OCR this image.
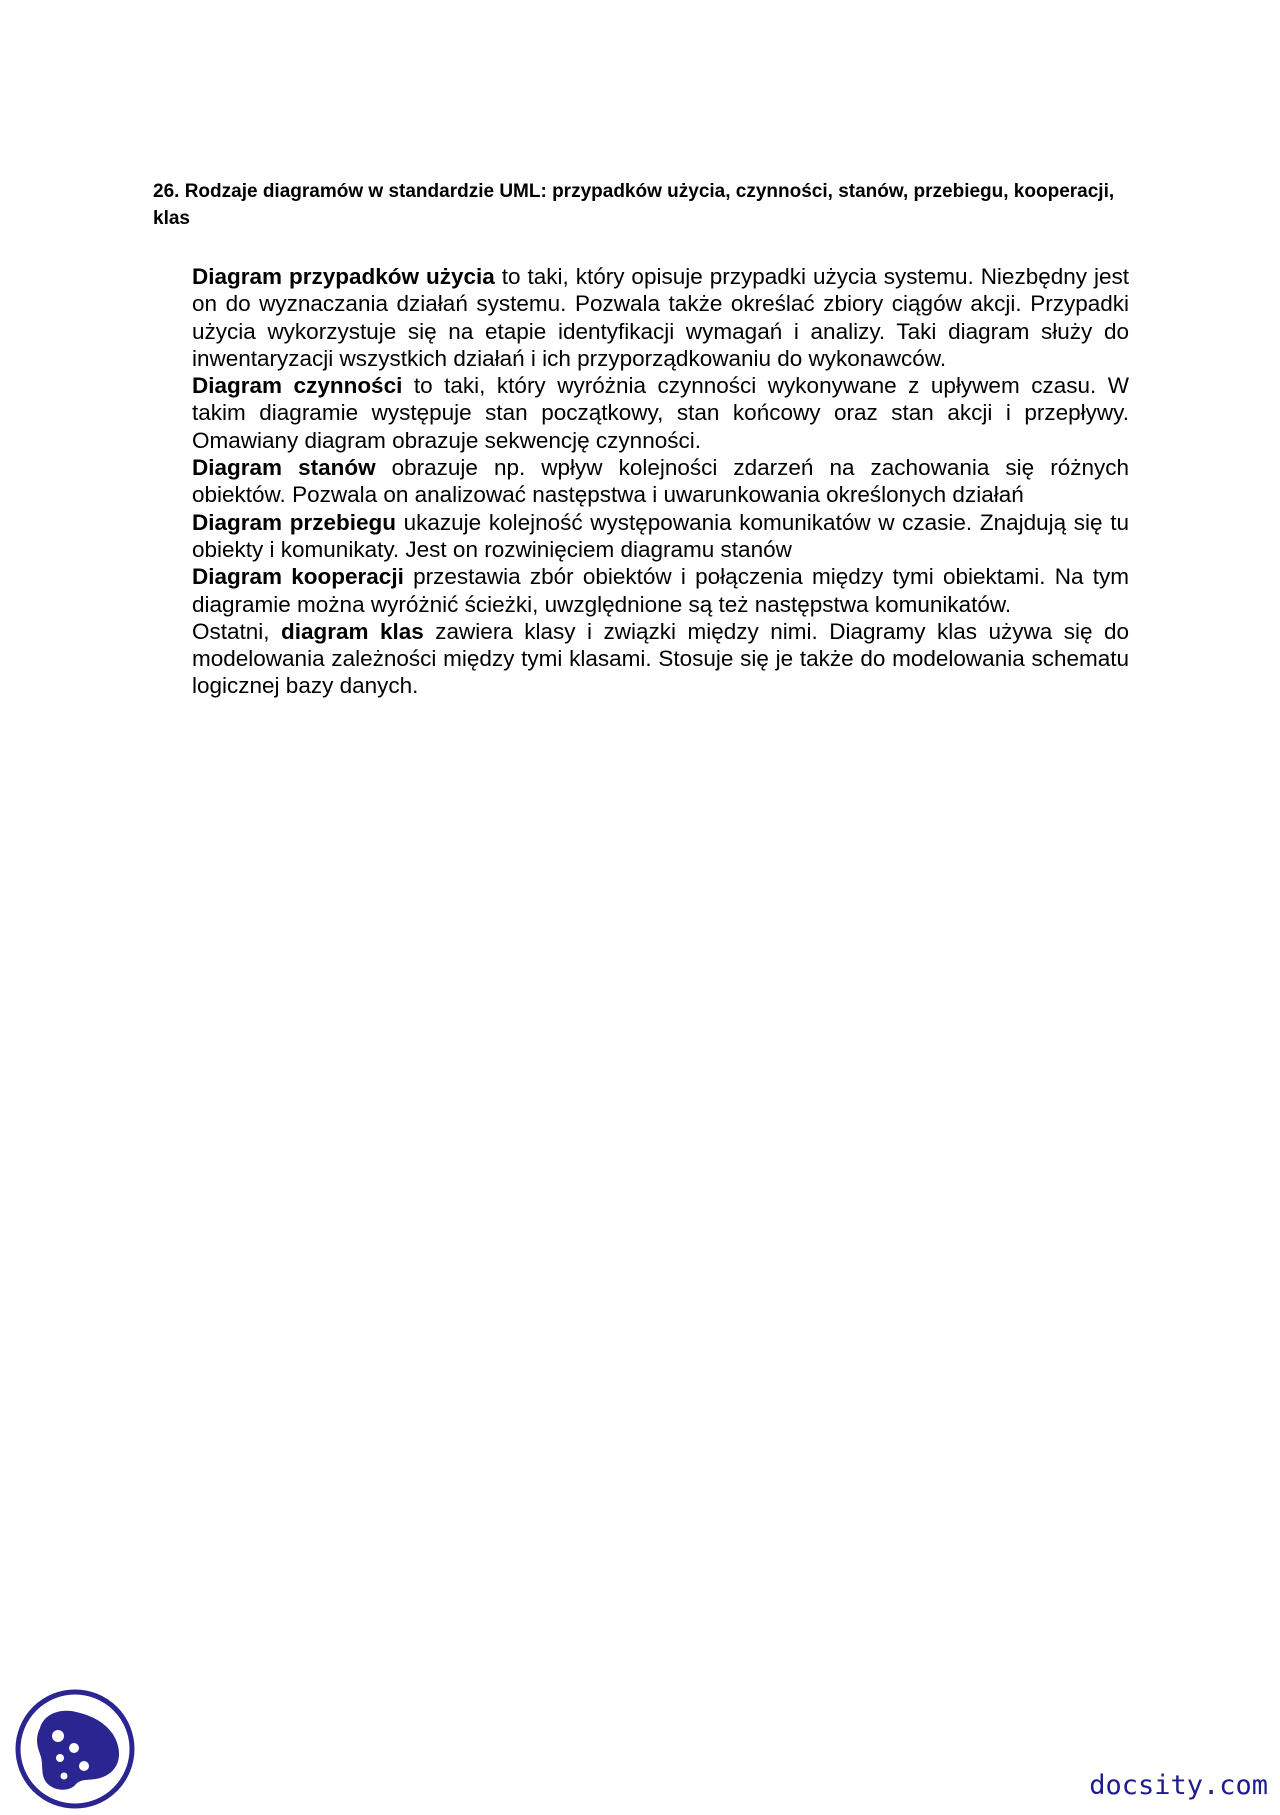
26. Rodzaje diagramów w standardzie UML: przypadków użycia, czynności, stanów, przebiegu, kooperacji, klas

Diagram przypadków użycia to taki, który opisuje przypadki użycia systemu. Niezbędny jest on do wyznaczania działań systemu. Pozwala także określać zbiory ciągów akcji. Przypadki użycia wykorzystuje się na etapie identyfikacji wymagań i analizy. Taki diagram służy do inwentaryzacji wszystkich działań i ich przyporządkowaniu do wykonawców.

Diagram czynności to taki, który wyróżnia czynności wykonywane z upływem czasu. W takim diagramie występuje stan początkowy, stan końcowy oraz stan akcji i przepływy. Omawiany diagram obrazuje sekwencję czynności.

Diagram stanów obrazuje np. wpływ kolejności zdarzeń na zachowania się różnych obiektów. Pozwala on analizować następstwa i uwarunkowania określonych działań

Diagram przebiegu ukazuje kolejność występowania komunikatów w czasie. Znajdują się tu obiekty i komunikaty. Jest on rozwinięciem diagramu stanów

Diagram kooperacji przestawia zbór obiektów i połączenia między tymi obiektami. Na tym diagramie można wyróżnić ścieżki, uwzględnione są też następstwa komunikatów.

Ostatni, diagram klas zawiera klasy i związki między nimi. Diagramy klas używa się do modelowania zależności między tymi klasami. Stosuje się je także do modelowania schematu logicznej bazy danych.

docsity.com
